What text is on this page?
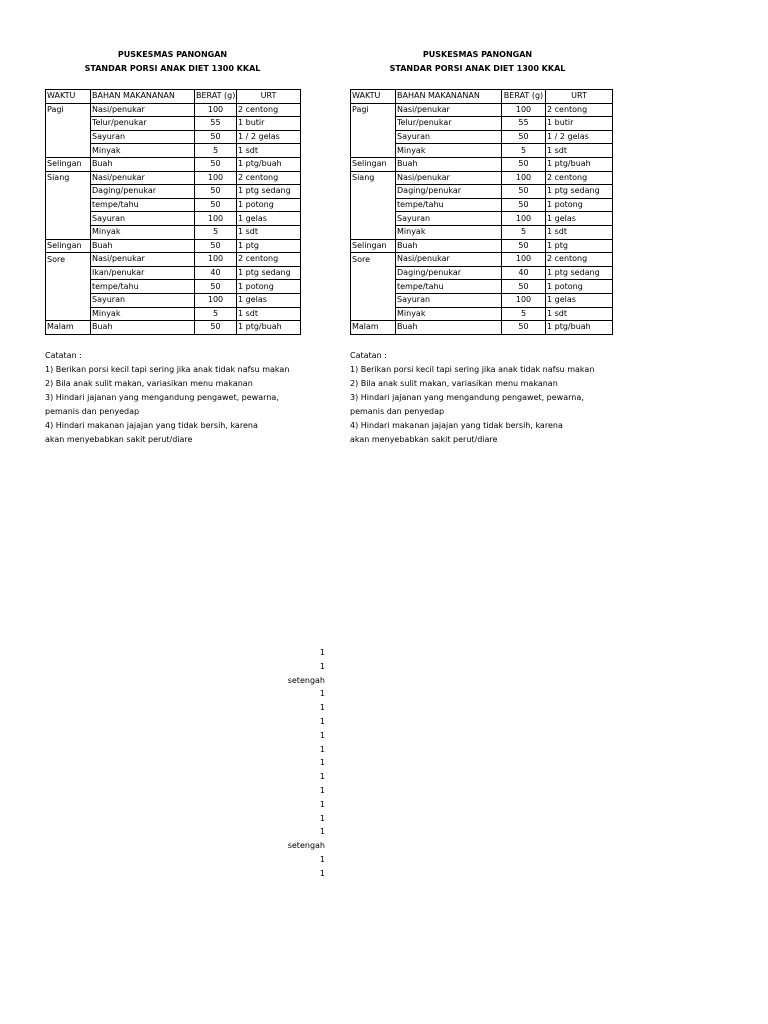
PUSKESMAS PANONGAN
STANDAR PORSI ANAK DIET 1300 KKAL
WAKTU	BAHAN MAKANANAN	BERAT (g)	URT
Pagi	Nasi/penukar	100	2 centong
	Telur/penukar	55	1 butir
	Sayuran	50	1 / 2 gelas
	Minyak	5	1 sdt
Selingan	Buah	50	1 ptg/buah
Siang	Nasi/penukar	100	2 centong
	Daging/penukar	50	1 ptg sedang
	tempe/tahu	50	1 potong
	Sayuran	100	1 gelas
	Minyak	5	1 sdt
Selingan	Buah	50	1 ptg
Sore	Nasi/penukar	100	2 centong
	Ikan/penukar	40	1 ptg sedang
	tempe/tahu	50	1 potong
	Sayuran	100	1 gelas
	Minyak	5	1 sdt
Malam	Buah	50	1 ptg/buah
Catatan :
1) Berikan porsi kecil tapi sering jika anak tidak nafsu makan
2) Bila anak sulit makan, variasikan menu makanan
3) Hindari jajanan yang mengandung pengawet, pewarna,
pemanis dan penyedap
4) Hindari makanan jajajan yang tidak bersih, karena
akan menyebabkan sakit perut/diare
PUSKESMAS PANONGAN
STANDAR PORSI ANAK DIET 1300 KKAL
WAKTU	BAHAN MAKANANAN	BERAT (g)	URT
Pagi	Nasi/penukar	100	2 centong
	Telur/penukar	55	1 butir
	Sayuran	50	1 / 2 gelas
	Minyak	5	1 sdt
Selingan	Buah	50	1 ptg/buah
Siang	Nasi/penukar	100	2 centong
	Daging/penukar	50	1 ptg sedang
	tempe/tahu	50	1 potong
	Sayuran	100	1 gelas
	Minyak	5	1 sdt
Selingan	Buah	50	1 ptg
Sore	Nasi/penukar	100	2 centong
	Daging/penukar	40	1 ptg sedang
	tempe/tahu	50	1 potong
	Sayuran	100	1 gelas
	Minyak	5	1 sdt
Malam	Buah	50	1 ptg/buah
Catatan :
1) Berikan porsi kecil tapi sering jika anak tidak nafsu makan
2) Bila anak sulit makan, variasikan menu makanan
3) Hindari jajanan yang mengandung pengawet, pewarna,
pemanis dan penyedap
4) Hindari makanan jajajan yang tidak bersih, karena
akan menyebabkan sakit perut/diare
1
1
setengah
1
1
1
1
1
1
1
1
1
1
1
setengah
1
1
